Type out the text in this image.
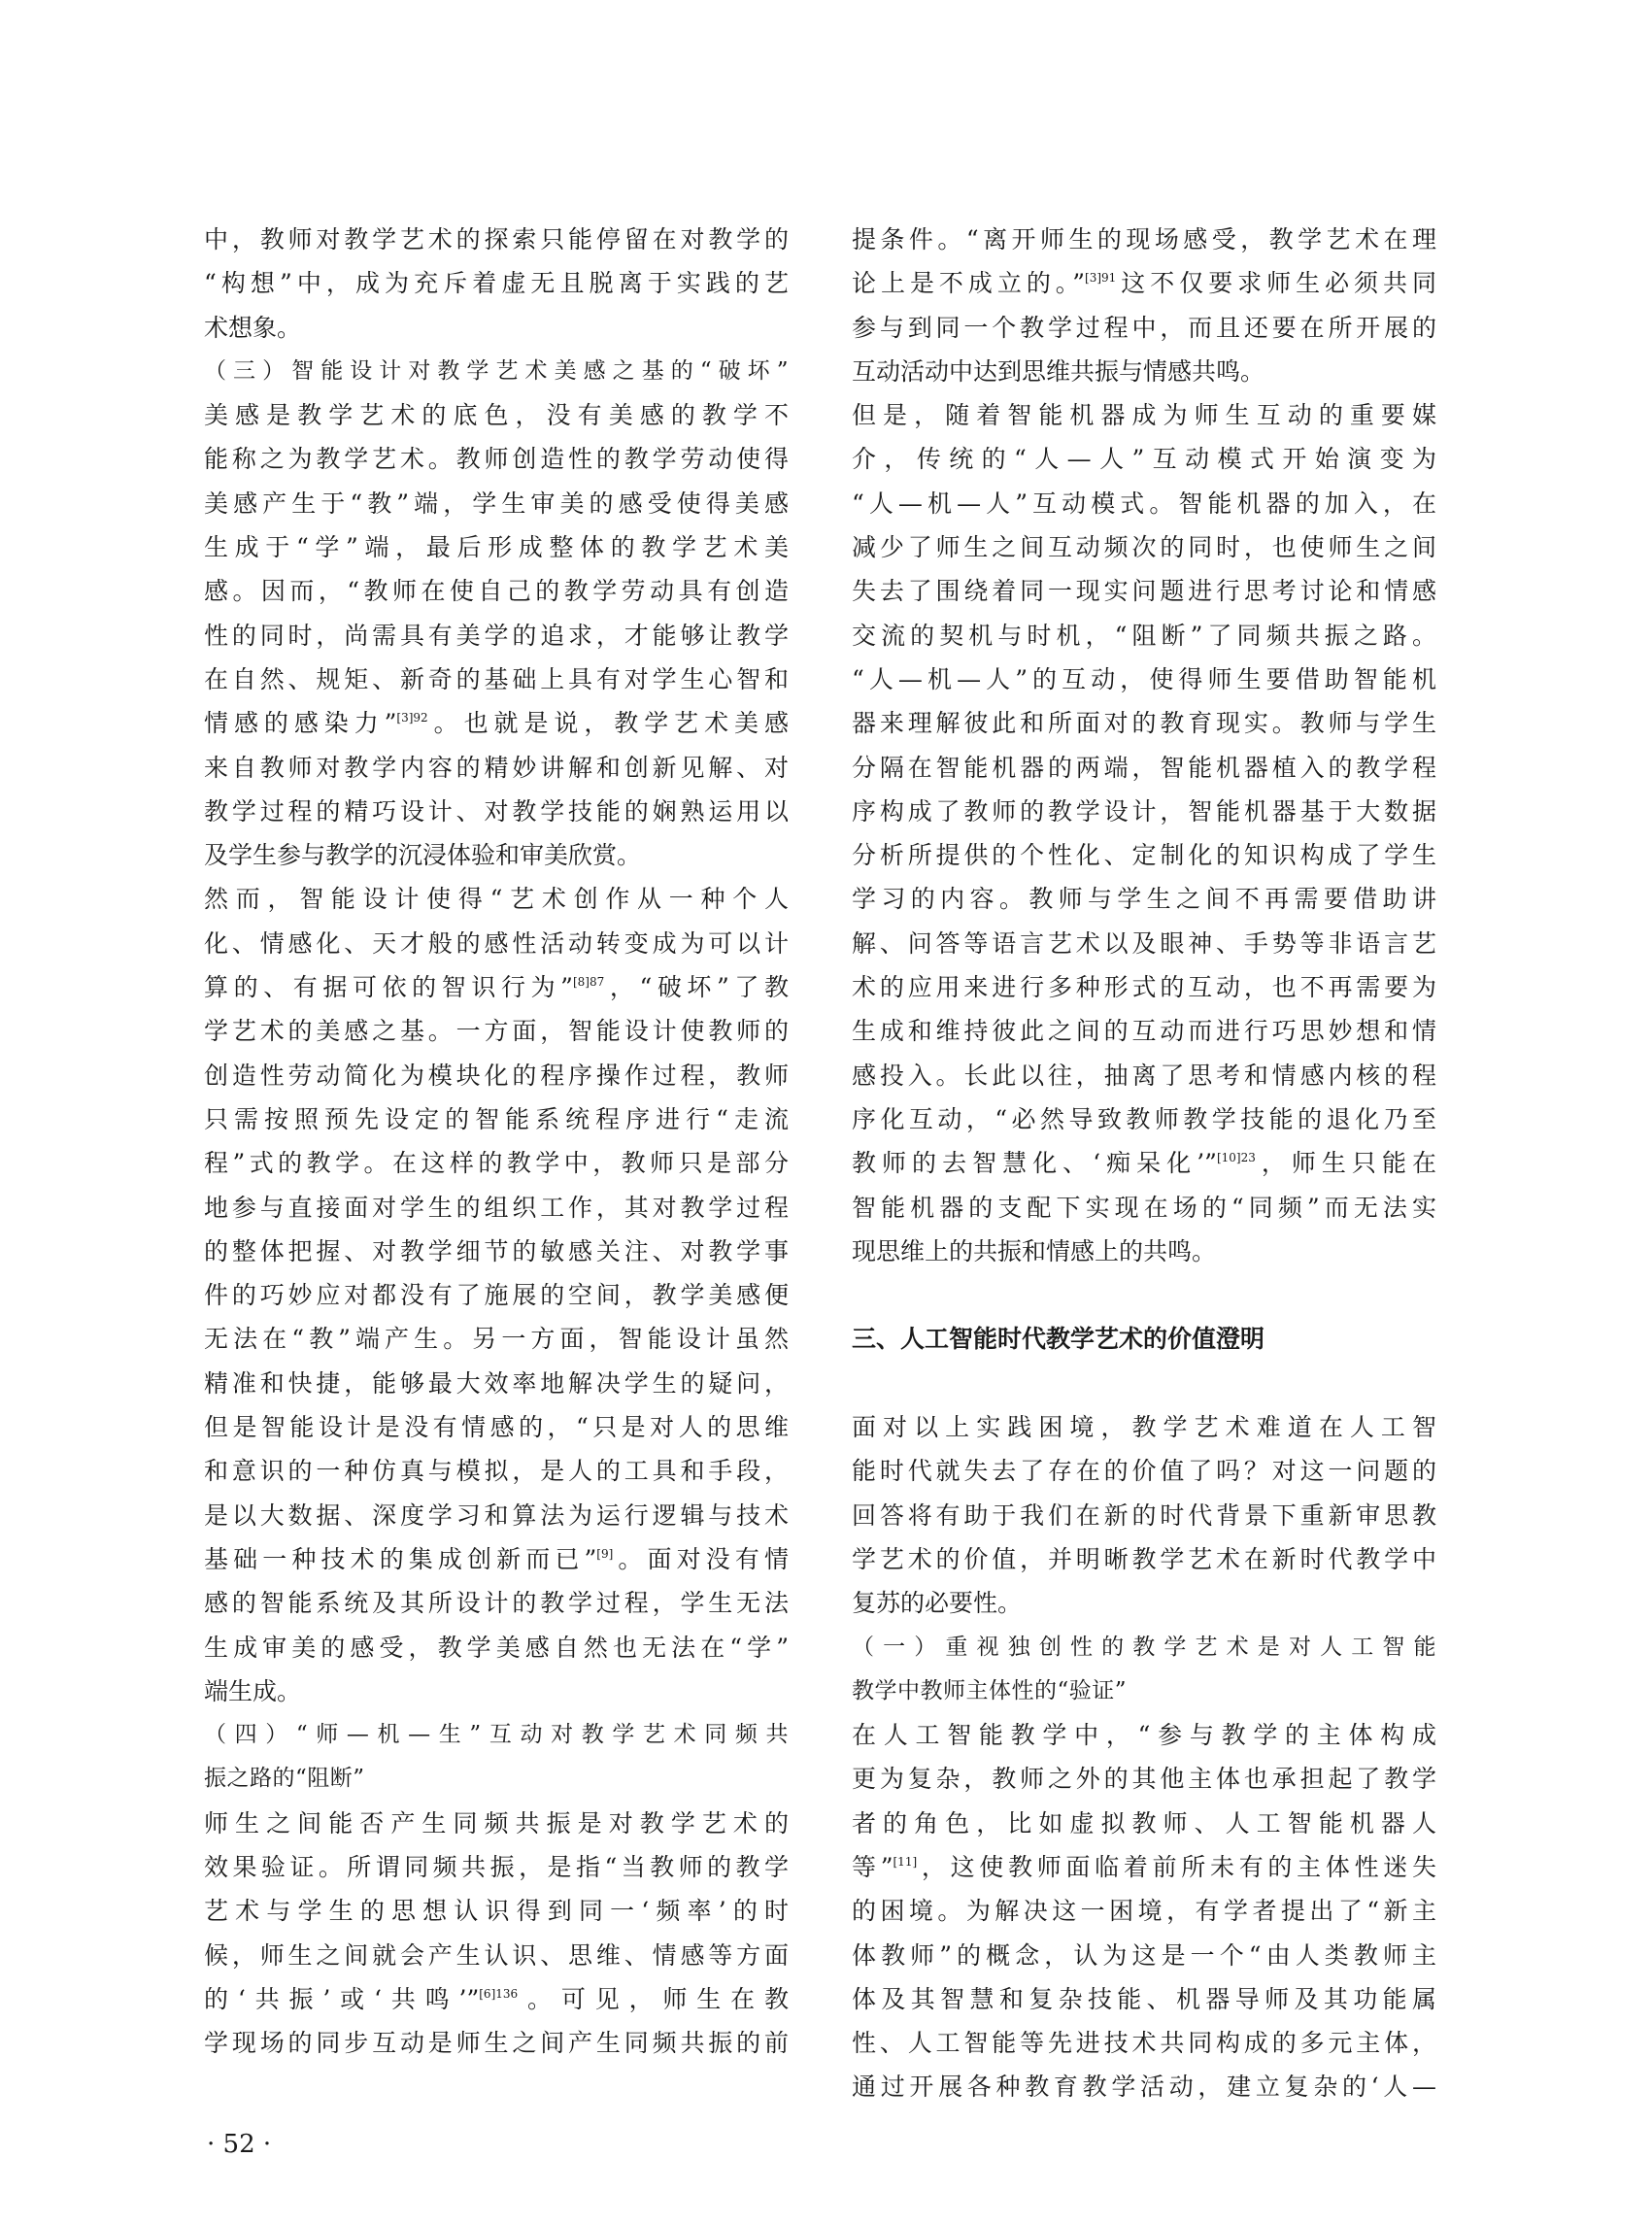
中，教师对教学艺术的探索只能停留在对教学的
“构想”中，成为充斥着虚无且脱离于实践的艺
术想象。
（三）智能设计对教学艺术美感之基的“破坏”
美感是教学艺术的底色，没有美感的教学不
能称之为教学艺术。教师创造性的教学劳动使得
美感产生于“教”端，学生审美的感受使得美感
生成于“学”端，最后形成整体的教学艺术美
感。因而，“教师在使自己的教学劳动具有创造
性的同时，尚需具有美学的追求，才能够让教学
在自然、规矩、新奇的基础上具有对学生心智和
情感的感染力”$^{[3]92}$。也就是说，教学艺术美感
来自教师对教学内容的精妙讲解和创新见解、对
教学过程的精巧设计、对教学技能的娴熟运用以
及学生参与教学的沉浸体验和审美欣赏。
然而，智能设计使得“艺术创作从一种个人
化、情感化、天才般的感性活动转变成为可以计
算的、有据可依的智识行为”$^{[8]87}$，“破坏”了教
学艺术的美感之基。一方面，智能设计使教师的
创造性劳动简化为模块化的程序操作过程，教师
只需按照预先设定的智能系统程序进行“走流
程”式的教学。在这样的教学中，教师只是部分
地参与直接面对学生的组织工作，其对教学过程
的整体把握、对教学细节的敏感关注、对教学事
件的巧妙应对都没有了施展的空间，教学美感便
无法在“教”端产生。另一方面，智能设计虽然
精准和快捷，能够最大效率地解决学生的疑问，
但是智能设计是没有情感的，“只是对人的思维
和意识的一种仿真与模拟，是人的工具和手段，
是以大数据、深度学习和算法为运行逻辑与技术
基础一种技术的集成创新而已”[9]。面对没有情
感的智能系统及其所设计的教学过程，学生无法
生成审美的感受，教学美感自然也无法在“学”
端生成。
（四）“师—机—生”互动对教学艺术同频共
振之路的“阻断”
师生之间能否产生同频共振是对教学艺术的
效果验证。所谓同频共振，是指“当教师的教学
艺术与学生的思想认识得到同一‘频率’的时
候，师生之间就会产生认识、思维、情感等方面
的‘共振’或‘共鸣’”$^{[6]136}$。可见，师生在教
学现场的同步互动是师生之间产生同频共振的前
提条件。“离开师生的现场感受，教学艺术在理
论上是不成立的。”$^{[3]91}$这不仅要求师生必须共同
参与到同一个教学过程中，而且还要在所开展的
互动活动中达到思维共振与情感共鸣。
但是，随着智能机器成为师生互动的重要媒
介，传统的“人—人”互动模式开始演变为
“人—机—人”互动模式。智能机器的加入，在
减少了师生之间互动频次的同时，也使师生之间
失去了围绕着同一现实问题进行思考讨论和情感
交流的契机与时机，“阻断”了同频共振之路。
“人—机—人”的互动，使得师生要借助智能机
器来理解彼此和所面对的教育现实。教师与学生
分隔在智能机器的两端，智能机器植入的教学程
序构成了教师的教学设计，智能机器基于大数据
分析所提供的个性化、定制化的知识构成了学生
学习的内容。教师与学生之间不再需要借助讲
解、问答等语言艺术以及眼神、手势等非语言艺
术的应用来进行多种形式的互动，也不再需要为
生成和维持彼此之间的互动而进行巧思妙想和情
感投入。长此以往，抽离了思考和情感内核的程
序化互动，“必然导致教师教学技能的退化乃至
教师的去智慧化、‘痴呆化’”$^{[10]23}$，师生只能在
智能机器的支配下实现在场的“同频”而无法实
现思维上的共振和情感上的共鸣。
三、人工智能时代教学艺术的价值澄明
面对以上实践困境，教学艺术难道在人工智
能时代就失去了存在的价值了吗？对这一问题的
回答将有助于我们在新的时代背景下重新审思教
学艺术的价值，并明晰教学艺术在新时代教学中
复苏的必要性。
（一）重视独创性的教学艺术是对人工智能
教学中教师主体性的“验证”
在人工智能教学中，“参与教学的主体构成
更为复杂，教师之外的其他主体也承担起了教学
者的角色，比如虚拟教师、人工智能机器人
等”[11]，这使教师面临着前所未有的主体性迷失
的困境。为解决这一困境，有学者提出了“新主
体教师”的概念，认为这是一个“由人类教师主
体及其智慧和复杂技能、机器导师及其功能属
性、人工智能等先进技术共同构成的多元主体，
通过开展各种教育教学活动，建立复杂的‘人—
· 52 ·
